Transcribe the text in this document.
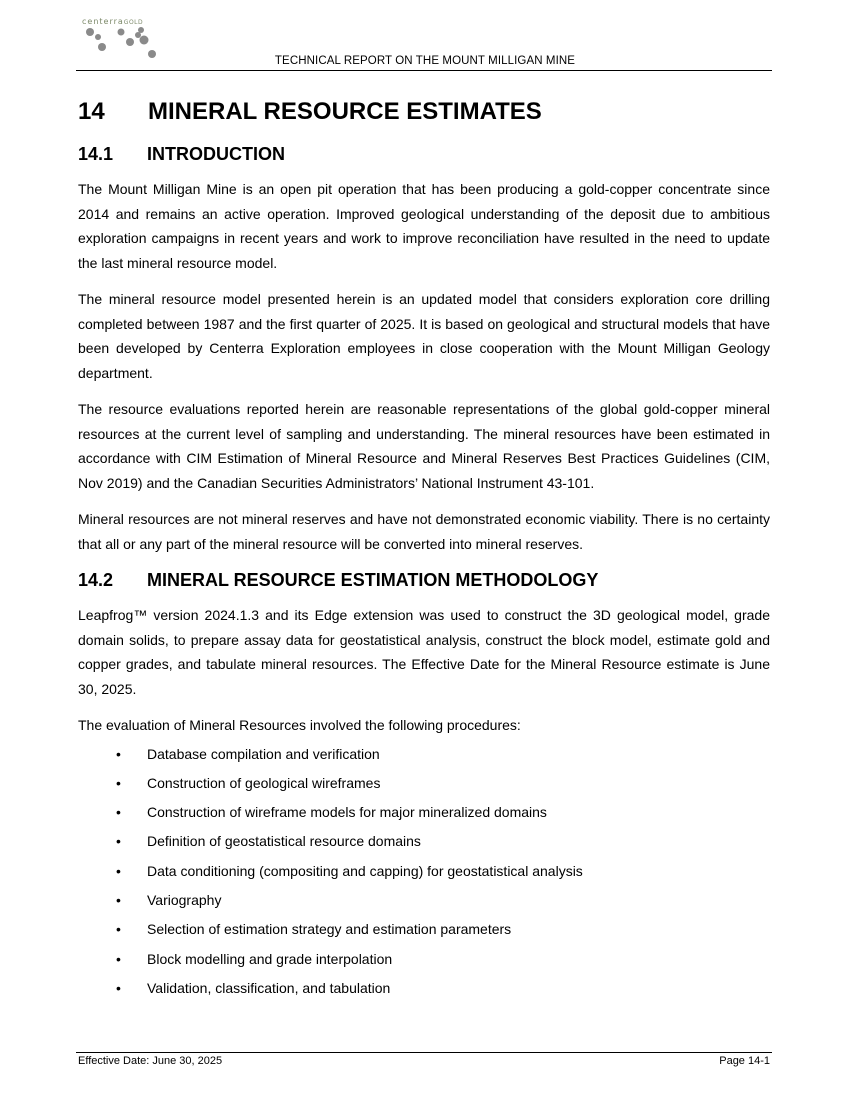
centerraGOLD
TECHNICAL REPORT ON THE MOUNT MILLIGAN MINE
14	MINERAL RESOURCE ESTIMATES
14.1	INTRODUCTION

The Mount Milligan Mine is an open pit operation that has been producing a gold-copper concentrate since 2014 and remains an active operation. Improved geological understanding of the deposit due to ambitious exploration campaigns in recent years and work to improve reconciliation have resulted in the need to update the last mineral resource model.

The mineral resource model presented herein is an updated model that considers exploration core drilling completed between 1987 and the first quarter of 2025. It is based on geological and structural models that have been developed by Centerra Exploration employees in close cooperation with the Mount Milligan Geology department.

The resource evaluations reported herein are reasonable representations of the global gold-copper mineral resources at the current level of sampling and understanding. The mineral resources have been estimated in accordance with CIM Estimation of Mineral Resource and Mineral Reserves Best Practices Guidelines (CIM, Nov 2019) and the Canadian Securities Administrators’ National Instrument 43-101.

Mineral resources are not mineral reserves and have not demonstrated economic viability. There is no certainty that all or any part of the mineral resource will be converted into mineral reserves.

14.2	MINERAL RESOURCE ESTIMATION METHODOLOGY

Leapfrog™ version 2024.1.3 and its Edge extension was used to construct the 3D geological model, grade domain solids, to prepare assay data for geostatistical analysis, construct the block model, estimate gold and copper grades, and tabulate mineral resources. The Effective Date for the Mineral Resource estimate is June 30, 2025.

The evaluation of Mineral Resources involved the following procedures:

• Database compilation and verification
• Construction of geological wireframes
• Construction of wireframe models for major mineralized domains
• Definition of geostatistical resource domains
• Data conditioning (compositing and capping) for geostatistical analysis
• Variography
• Selection of estimation strategy and estimation parameters
• Block modelling and grade interpolation
• Validation, classification, and tabulation
Effective Date: June 30, 2025	Page 14-1
